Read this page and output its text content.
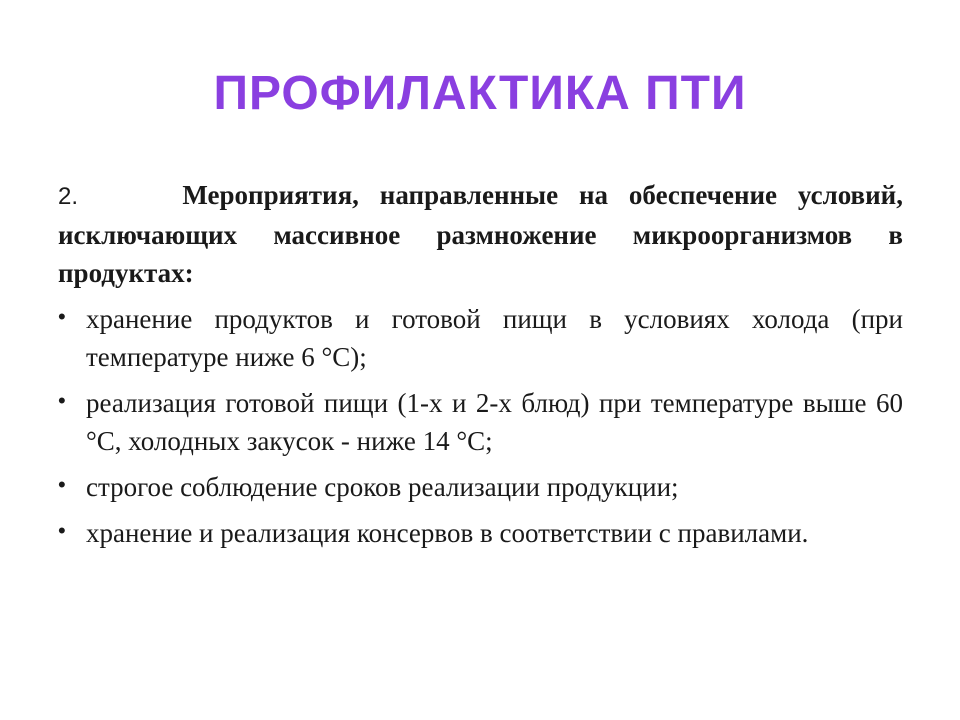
ПРОФИЛАКТИКА ПТИ

2.	Мероприятия, направленные на обеспечение условий, исключающих массивное размножение микроорганизмов в продуктах:

• хранение продуктов и готовой пищи в условиях холода (при температуре ниже 6 °С);
• реализация готовой пищи (1-х и 2-х блюд) при температуре выше 60 °С, холодных закусок - ниже 14 °С;
• строгое соблюдение сроков реализации продукции;
• хранение и реализация консервов в соответствии с правилами.
